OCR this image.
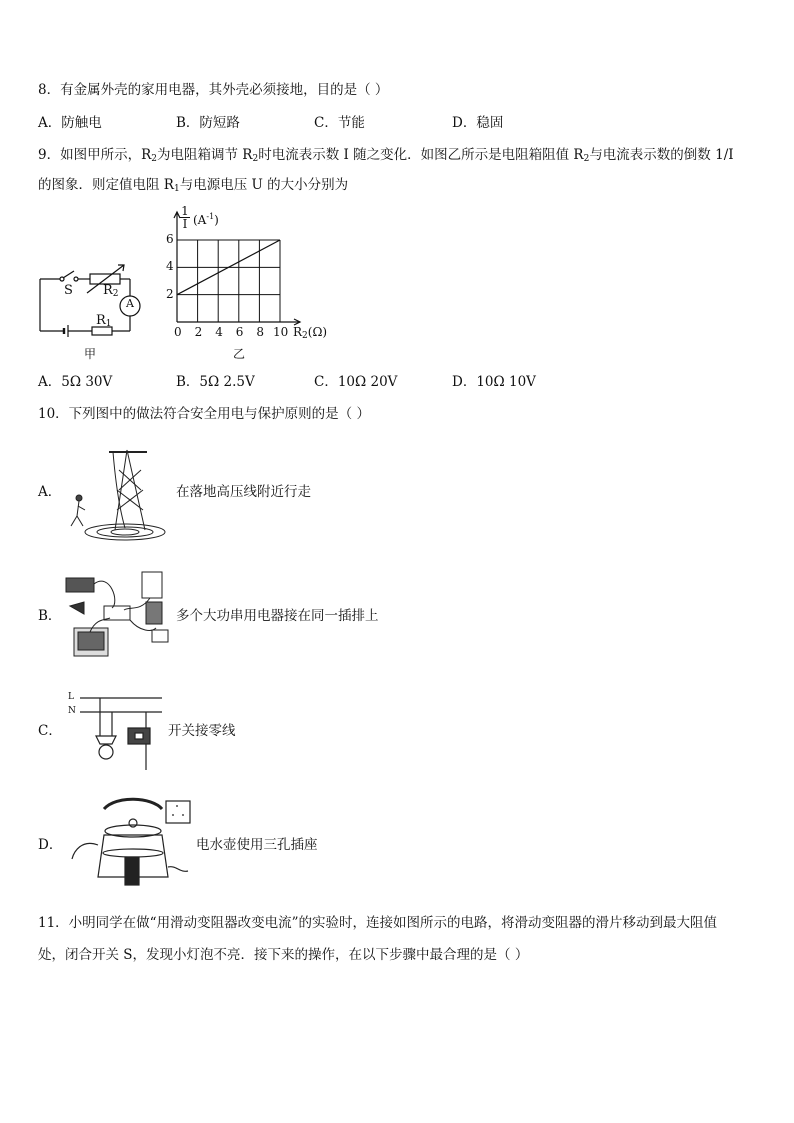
8．有金属外壳的家用电器，其外壳必须接地，目的是（ ）
A．防触电	B．防短路	C．节能	D．稳固
9．如图甲所示，$R_2$为电阻箱调节 $R_2$时电流表示数 I 随之变化．如图乙所示是电阻箱阻值 $R_2$与电流表示数的倒数 1/I
的图象．则定值电阻 $R_1$与电源电压 U 的大小分别为
S $R_2$
A
$R_1$
甲
1
I $(A^{-1})$
6
4
2
0 2 4 6 8 10 $R_2(\Omega)$
乙
A．5Ω 30V	B．5Ω 2.5V	C．10Ω 20V	D．10Ω 10V
10．下列图中的做法符合安全用电与保护原则的是（ ）
A．	在落地高压线附近行走
B．	多个大功串用电器接在同一插排上
C．
L
N
开关接零线
D．	电水壶使用三孔插座
11．小明同学在做“用滑动变阻器改变电流”的实验时，连接如图所示的电路，将滑动变阻器的滑片移动到最大阻值
处，闭合开关 S，发现小灯泡不亮．接下来的操作，在以下步骤中最合理的是（ ）
